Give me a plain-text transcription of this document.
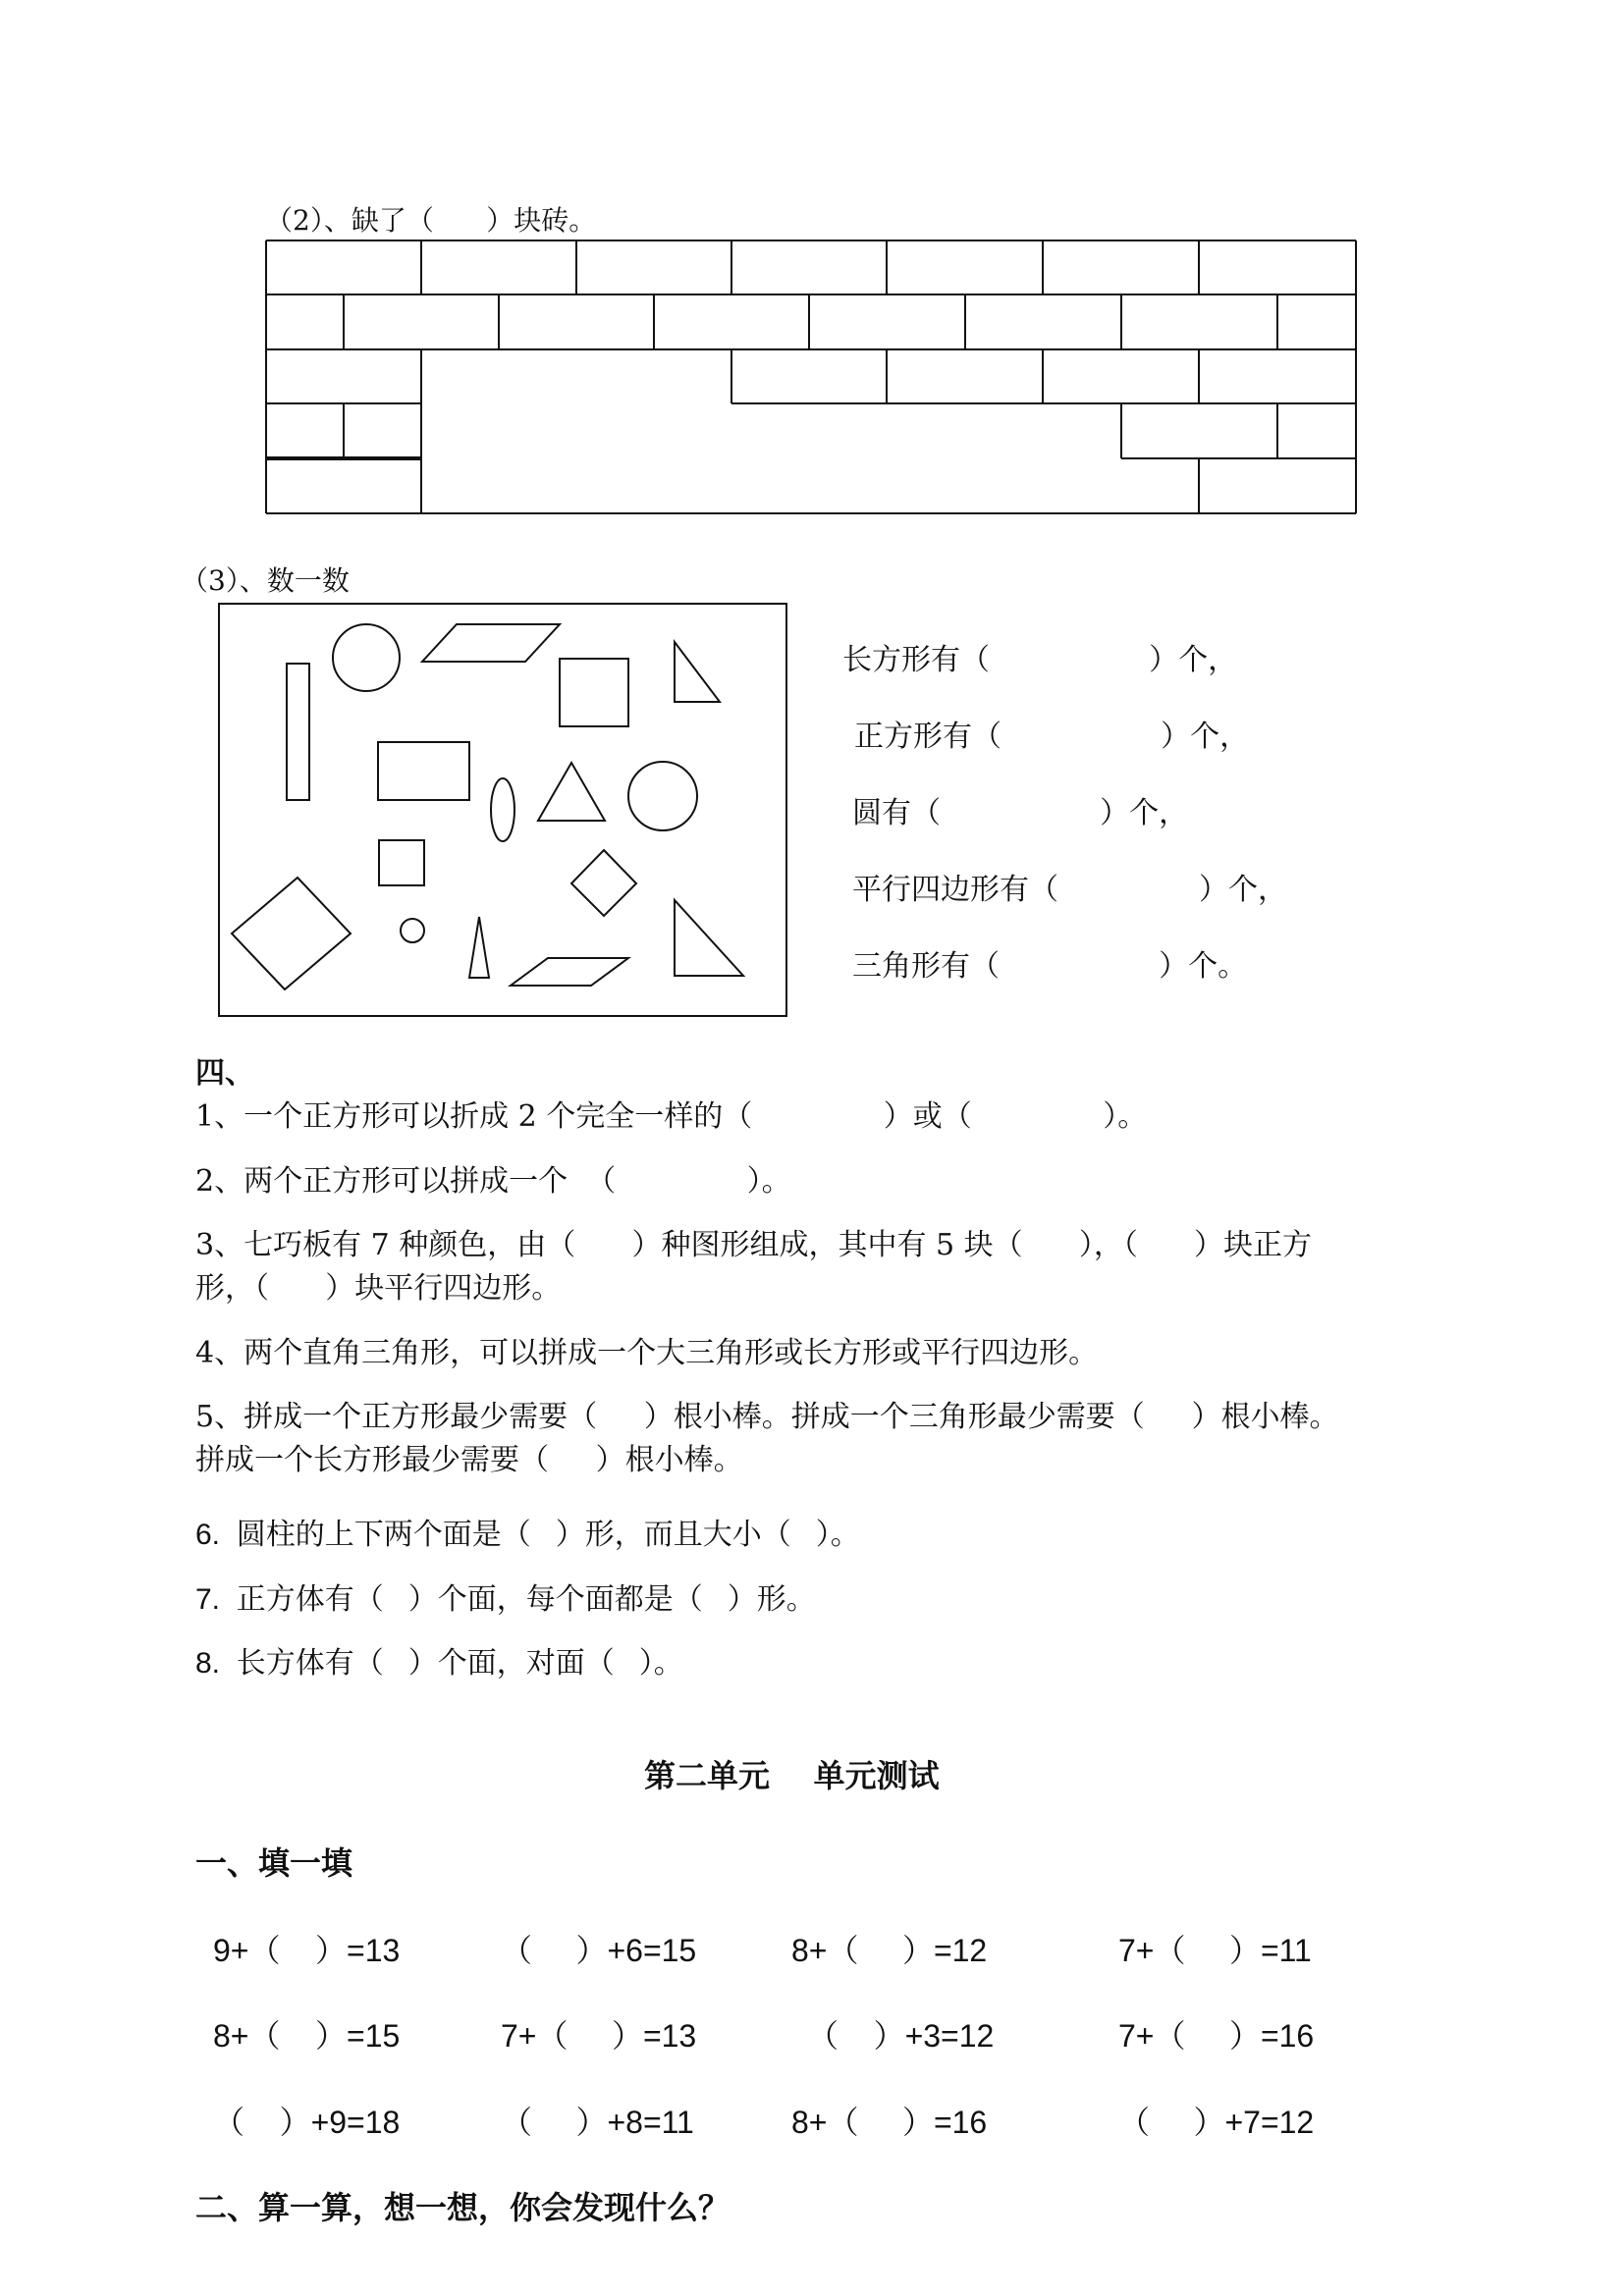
（2）、缺了（      ）块砖。
（3）、数一数
长方形有（                 ）个，
正方形有（                 ）个，
圆有（                 ）个，
平行四边形有（               ）个，
三角形有（                 ）个。
四、
1、一个正方形可以折成 2 个完全一样的（              ）或（              ）。
2、两个正方形可以拼成一个  （              ）。
3、七巧板有 7 种颜色，由（      ）种图形组成，其中有 5 块（      ），（      ）块正方
形，（      ）块平行四边形。
4、两个直角三角形，可以拼成一个大三角形或长方形或平行四边形。
5、拼成一个正方形最少需要（     ）根小棒。拼成一个三角形最少需要（     ）根小棒。
拼成一个长方形最少需要（     ）根小棒。
6.  圆柱的上下两个面是（   ）形，而且大小（   ）。
7.  正方体有（   ）个面，每个面都是（   ）形。
8.  长方体有（   ）个面，对面（   ）。
第二单元    单元测试
一、填一填
9+（    ）=13	（     ）+6=15	8+（     ）=12	7+（     ）=11
8+（    ）=15	7+（     ）=13	（    ）+3=12	7+（     ）=16
（    ）+9=18	（     ）+8=11	8+（     ）=16	（     ）+7=12
二、算一算，想一想，你会发现什么？
